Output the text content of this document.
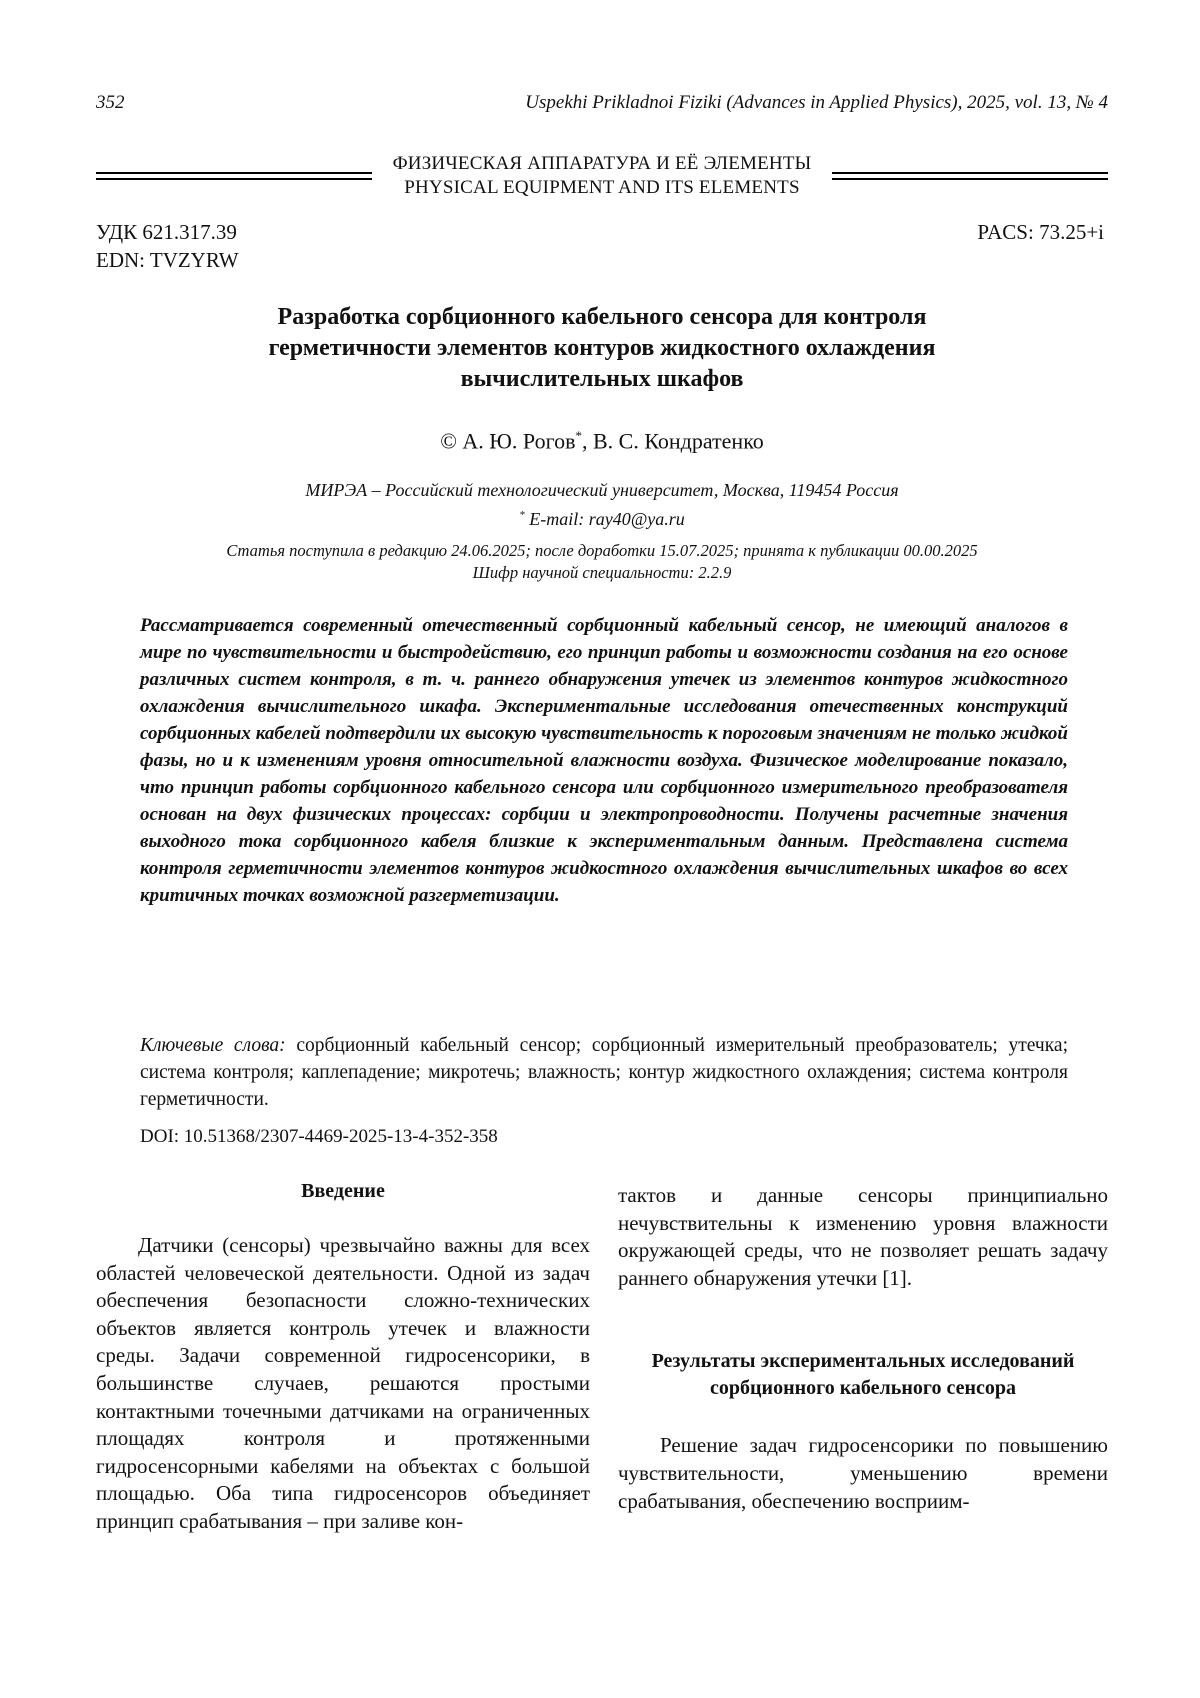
352	Uspekhi Prikladnoi Fiziki (Advances in Applied Physics), 2025, vol. 13, № 4
ФИЗИЧЕСКАЯ АППАРАТУРА И ЕЁ ЭЛЕМЕНТЫ
PHYSICAL EQUIPMENT AND ITS ELEMENTS
УДК 621.317.39
EDN: TVZYRW
PACS: 73.25+i
Разработка сорбционного кабельного сенсора для контроля
герметичности элементов контуров жидкостного охлаждения
вычислительных шкафов
© А. Ю. Рогов*, В. С. Кондратенко
МИРЭА – Российский технологический университет, Москва, 119454 Россия
* E-mail: ray40@ya.ru
Статья поступила в редакцию 24.06.2025; после доработки 15.07.2025; принята к публикации 00.00.2025
Шифр научной специальности: 2.2.9
Рассматривается современный отечественный сорбционный кабельный сенсор, не имеющий аналогов в мире по чувствительности и быстродействию, его принцип работы и возможности создания на его основе различных систем контроля, в т. ч. раннего обнаружения утечек из элементов контуров жидкостного охлаждения вычислительного шкафа. Экспериментальные исследования отечественных конструкций сорбционных кабелей подтвердили их высокую чувствительность к пороговым значениям не только жидкой фазы, но и к изменениям уровня относительной влажности воздуха. Физическое моделирование показало, что принцип работы сорбционного кабельного сенсора или сорбционного измерительного преобразователя основан на двух физических процессах: сорбции и электропроводности. Получены расчетные значения выходного тока сорбционного кабеля близкие к экспериментальным данным. Представлена система контроля герметичности элементов контуров жидкостного охлаждения вычислительных шкафов во всех критичных точках возможной разгерметизации.
Ключевые слова: сорбционный кабельный сенсор; сорбционный измерительный преобразователь; утечка; система контроля; каплепадение; микротечь; влажность; контур жидкостного охлаждения; система контроля герметичности.
DOI: 10.51368/2307-4469-2025-13-4-352-358
Введение

Датчики (сенсоры) чрезвычайно важны для всех областей человеческой деятельности. Одной из задач обеспечения безопасности сложно-технических объектов является контроль утечек и влажности среды. Задачи современной гидросенсорики, в большинстве случаев, решаются простыми контактными точечными датчиками на ограниченных площадях контроля и протяженными гидросенсорными кабелями на объектах с большой площадью. Оба типа гидросенсоров объединяет принцип срабатывания – при заливе кон-

тактов и данные сенсоры принципиально нечувствительны к изменению уровня влажности окружающей среды, что не позволяет решать задачу раннего обнаружения утечки [1].

Результаты экспериментальных исследований сорбционного кабельного сенсора

Решение задач гидросенсорики по повышению чувствительности, уменьшению времени срабатывания, обеспечению восприим-
